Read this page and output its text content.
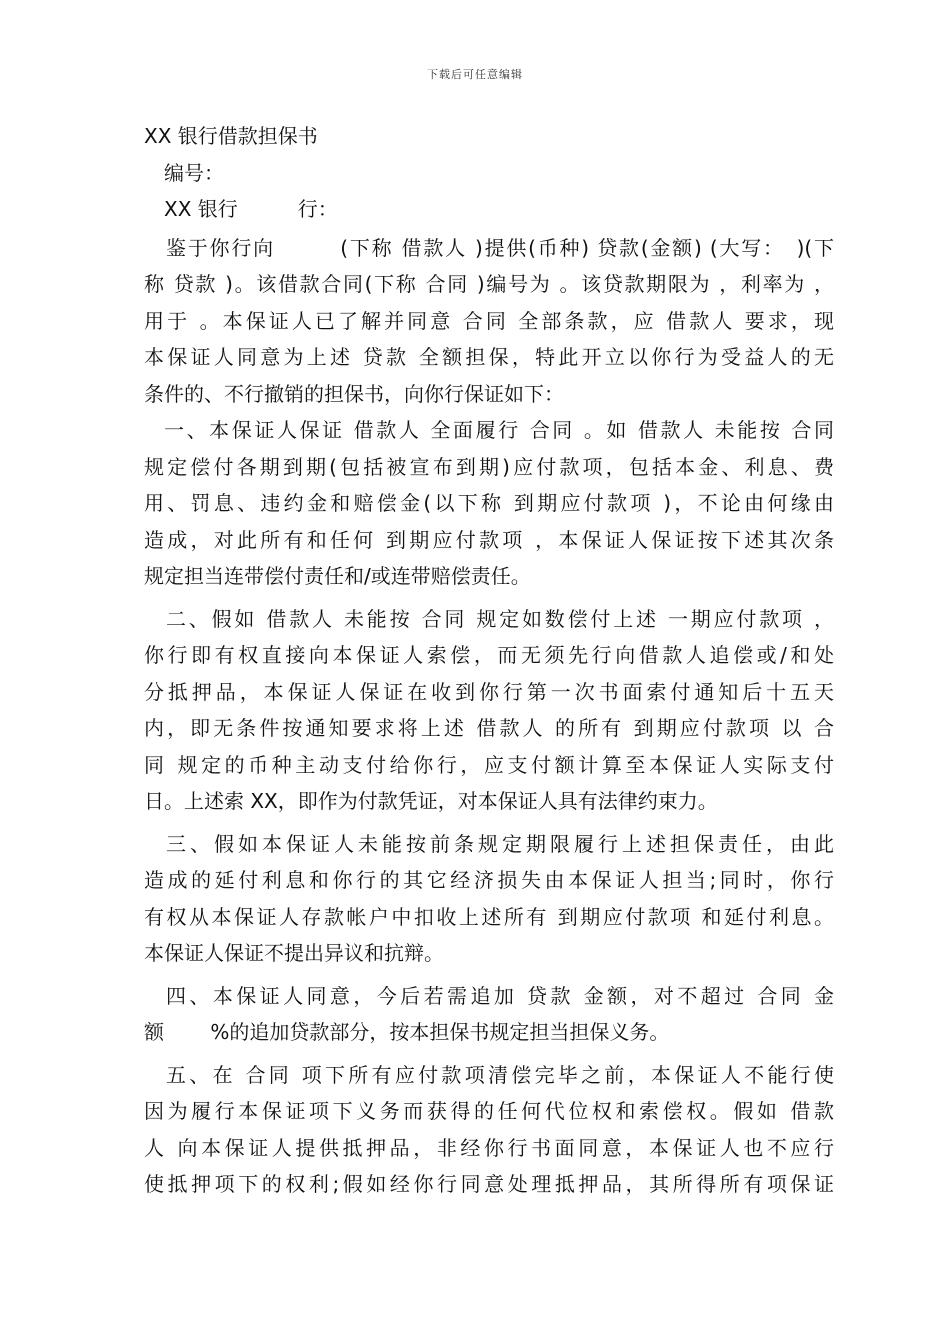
下载后可任意编辑
XX 银行借款担保书
编号：
XX 银行　　　行：
鉴于你行向　　　(下称 借款人 )提供(币种) 贷款(金额) (大写：　)(下
称 贷款 )。该借款合同(下称 合同 )编号为 。该贷款期限为 ，利率为 ，
用于 。本保证人已了解并同意 合同 全部条款，应 借款人 要求，现
本保证人同意为上述 贷款 全额担保，特此开立以你行为受益人的无
条件的、不行撤销的担保书，向你行保证如下：
一、本保证人保证 借款人 全面履行 合同 。如 借款人 未能按 合同
规定偿付各期到期(包括被宣布到期)应付款项，包括本金、利息、费
用、罚息、违约金和赔偿金(以下称 到期应付款项 )，不论由何缘由
造成，对此所有和任何 到期应付款项 ，本保证人保证按下述其次条
规定担当连带偿付责任和/或连带赔偿责任。
二、假如 借款人 未能按 合同 规定如数偿付上述 一期应付款项 ，
你行即有权直接向本保证人索偿，而无须先行向借款人追偿或/和处
分抵押品，本保证人保证在收到你行第一次书面索付通知后十五天
内，即无条件按通知要求将上述 借款人 的所有 到期应付款项 以 合
同 规定的币种主动支付给你行，应支付额计算至本保证人实际支付
日。上述索 XX，即作为付款凭证，对本保证人具有法律约束力。
三、假如本保证人未能按前条规定期限履行上述担保责任，由此
造成的延付利息和你行的其它经济损失由本保证人担当;同时，你行
有权从本保证人存款帐户中扣收上述所有 到期应付款项 和延付利息。
本保证人保证不提出异议和抗辩。
四、本保证人同意，今后若需追加 贷款 金额，对不超过 合同 金
额　　 %的追加贷款部分，按本担保书规定担当担保义务。
五、在 合同 项下所有应付款项清偿完毕之前，本保证人不能行使
因为履行本保证项下义务而获得的任何代位权和索偿权。假如 借款
人 向本保证人提供抵押品，非经你行书面同意，本保证人也不应行
使抵押项下的权利;假如经你行同意处理抵押品，其所得所有项保证
